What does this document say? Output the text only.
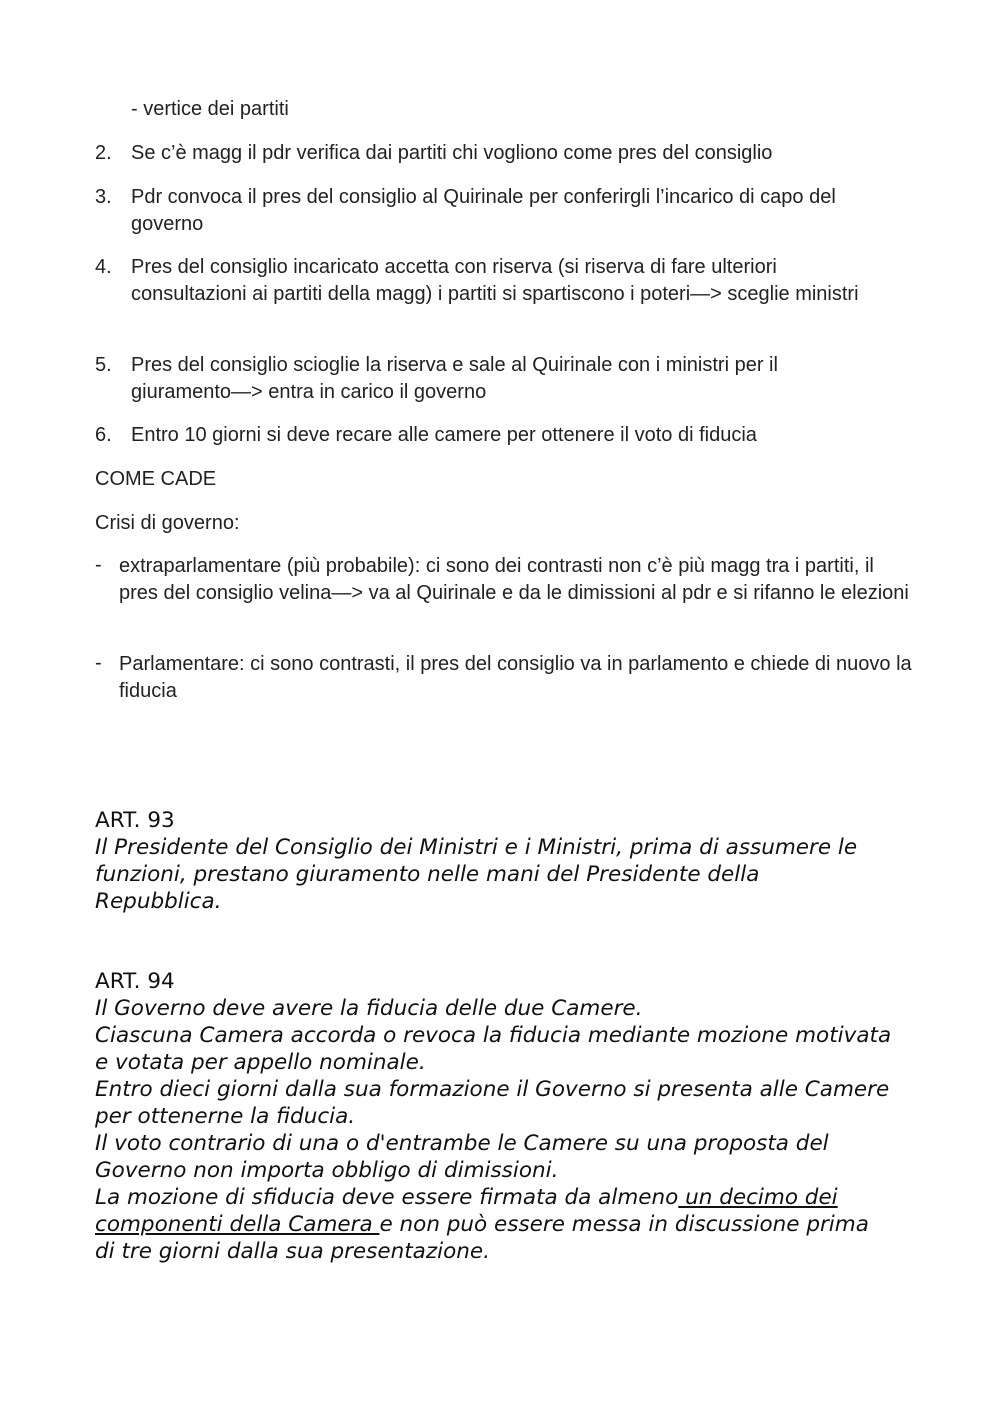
- vertice dei partiti
2. Se c’è magg il pdr verifica dai partiti chi vogliono come pres del consiglio
3. Pdr convoca il pres del consiglio al Quirinale per conferirgli l’incarico di capo del governo
4. Pres del consiglio incaricato accetta con riserva (si riserva di fare ulteriori consultazioni ai partiti della magg) i partiti si spartiscono i poteri—> sceglie ministri
5. Pres del consiglio scioglie la riserva e sale al Quirinale con i ministri per il giuramento—> entra in carico il governo
6. Entro 10 giorni si deve recare alle camere per ottenere il voto di fiducia
COME CADE
Crisi di governo:
- extraparlamentare (più probabile): ci sono dei contrasti non c’è più magg tra i partiti, il pres del consiglio velina—> va al Quirinale e da le dimissioni al pdr e si rifanno le elezioni
- Parlamentare: ci sono contrasti, il pres del consiglio va in parlamento e chiede di nuovo la fiducia
ART. 93
Il Presidente del Consiglio dei Ministri e i Ministri, prima di assumere le
funzioni, prestano giuramento nelle mani del Presidente della
Repubblica.
ART. 94
Il Governo deve avere la fiducia delle due Camere.
Ciascuna Camera accorda o revoca la fiducia mediante mozione motivata
e votata per appello nominale.
Entro dieci giorni dalla sua formazione il Governo si presenta alle Camere
per ottenerne la fiducia.
Il voto contrario di una o d'entrambe le Camere su una proposta del
Governo non importa obbligo di dimissioni.
La mozione di sfiducia deve essere firmata da almeno un decimo dei
componenti della Camera e non può essere messa in discussione prima
di tre giorni dalla sua presentazione.
